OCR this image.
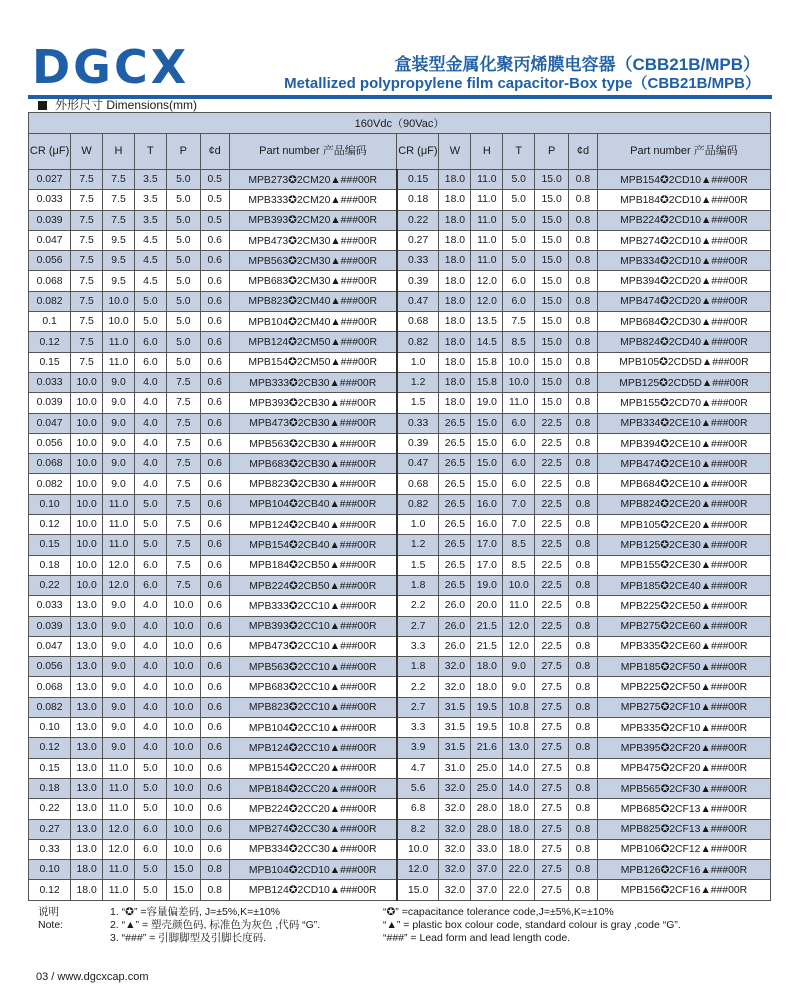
DGCX	盒装型金属化聚丙烯膜电容器（CBB21B/MPB）
Metallized polypropylene film capacitor-Box type（CBB21B/MPB）
外形尺寸 Dimensions(mm)
160Vdc（90Vac）													
CR (μF)	W	H	T	P	¢d	Part number 产品编码	CR (μF)	W	H	T	P	¢d	Part number 产品编码
0.027	7.5	7.5	3.5	5.0	0.5	MPB273✪2CM20▲###00R	0.15	18.0	11.0	5.0	15.0	0.8	MPB154✪2CD10▲###00R
0.033	7.5	7.5	3.5	5.0	0.5	MPB333✪2CM20▲###00R	0.18	18.0	11.0	5.0	15.0	0.8	MPB184✪2CD10▲###00R
0.039	7.5	7.5	3.5	5.0	0.5	MPB393✪2CM20▲###00R	0.22	18.0	11.0	5.0	15.0	0.8	MPB224✪2CD10▲###00R
0.047	7.5	9.5	4.5	5.0	0.6	MPB473✪2CM30▲###00R	0.27	18.0	11.0	5.0	15.0	0.8	MPB274✪2CD10▲###00R
0.056	7.5	9.5	4.5	5.0	0.6	MPB563✪2CM30▲###00R	0.33	18.0	11.0	5.0	15.0	0.8	MPB334✪2CD10▲###00R
0.068	7.5	9.5	4.5	5.0	0.6	MPB683✪2CM30▲###00R	0.39	18.0	12.0	6.0	15.0	0.8	MPB394✪2CD20▲###00R
0.082	7.5	10.0	5.0	5.0	0.6	MPB823✪2CM40▲###00R	0.47	18.0	12.0	6.0	15.0	0.8	MPB474✪2CD20▲###00R
0.1	7.5	10.0	5.0	5.0	0.6	MPB104✪2CM40▲###00R	0.68	18.0	13.5	7.5	15.0	0.8	MPB684✪2CD30▲###00R
0.12	7.5	11.0	6.0	5.0	0.6	MPB124✪2CM50▲###00R	0.82	18.0	14.5	8.5	15.0	0.8	MPB824✪2CD40▲###00R
0.15	7.5	11.0	6.0	5.0	0.6	MPB154✪2CM50▲###00R	1.0	18.0	15.8	10.0	15.0	0.8	MPB105✪2CD5D▲###00R
0.033	10.0	9.0	4.0	7.5	0.6	MPB333✪2CB30▲###00R	1.2	18.0	15.8	10.0	15.0	0.8	MPB125✪2CD5D▲###00R
0.039	10.0	9.0	4.0	7.5	0.6	MPB393✪2CB30▲###00R	1.5	18.0	19.0	11.0	15.0	0.8	MPB155✪2CD70▲###00R
0.047	10.0	9.0	4.0	7.5	0.6	MPB473✪2CB30▲###00R	0.33	26.5	15.0	6.0	22.5	0.8	MPB334✪2CE10▲###00R
0.056	10.0	9.0	4.0	7.5	0.6	MPB563✪2CB30▲###00R	0.39	26.5	15.0	6.0	22.5	0.8	MPB394✪2CE10▲###00R
0.068	10.0	9.0	4.0	7.5	0.6	MPB683✪2CB30▲###00R	0.47	26.5	15.0	6.0	22.5	0.8	MPB474✪2CE10▲###00R
0.082	10.0	9.0	4.0	7.5	0.6	MPB823✪2CB30▲###00R	0.68	26.5	15.0	6.0	22.5	0.8	MPB684✪2CE10▲###00R
0.10	10.0	11.0	5.0	7.5	0.6	MPB104✪2CB40▲###00R	0.82	26.5	16.0	7.0	22.5	0.8	MPB824✪2CE20▲###00R
0.12	10.0	11.0	5.0	7.5	0.6	MPB124✪2CB40▲###00R	1.0	26.5	16.0	7.0	22.5	0.8	MPB105✪2CE20▲###00R
0.15	10.0	11.0	5.0	7.5	0.6	MPB154✪2CB40▲###00R	1.2	26.5	17.0	8.5	22.5	0.8	MPB125✪2CE30▲###00R
0.18	10.0	12.0	6.0	7.5	0.6	MPB184✪2CB50▲###00R	1.5	26.5	17.0	8.5	22.5	0.8	MPB155✪2CE30▲###00R
0.22	10.0	12.0	6.0	7.5	0.6	MPB224✪2CB50▲###00R	1.8	26.5	19.0	10.0	22.5	0.8	MPB185✪2CE40▲###00R
0.033	13.0	9.0	4.0	10.0	0.6	MPB333✪2CC10▲###00R	2.2	26.0	20.0	11.0	22.5	0.8	MPB225✪2CE50▲###00R
0.039	13.0	9.0	4.0	10.0	0.6	MPB393✪2CC10▲###00R	2.7	26.0	21.5	12.0	22.5	0.8	MPB275✪2CE60▲###00R
0.047	13.0	9.0	4.0	10.0	0.6	MPB473✪2CC10▲###00R	3.3	26.0	21.5	12.0	22.5	0.8	MPB335✪2CE60▲###00R
0.056	13.0	9.0	4.0	10.0	0.6	MPB563✪2CC10▲###00R	1.8	32.0	18.0	9.0	27.5	0.8	MPB185✪2CF50▲###00R
0.068	13.0	9.0	4.0	10.0	0.6	MPB683✪2CC10▲###00R	2.2	32.0	18.0	9.0	27.5	0.8	MPB225✪2CF50▲###00R
0.082	13.0	9.0	4.0	10.0	0.6	MPB823✪2CC10▲###00R	2.7	31.5	19.5	10.8	27.5	0.8	MPB275✪2CF10▲###00R
0.10	13.0	9.0	4.0	10.0	0.6	MPB104✪2CC10▲###00R	3.3	31.5	19.5	10.8	27.5	0.8	MPB335✪2CF10▲###00R
0.12	13.0	9.0	4.0	10.0	0.6	MPB124✪2CC10▲###00R	3.9	31.5	21.6	13.0	27.5	0.8	MPB395✪2CF20▲###00R
0.15	13.0	11.0	5.0	10.0	0.6	MPB154✪2CC20▲###00R	4.7	31.0	25.0	14.0	27.5	0.8	MPB475✪2CF20▲###00R
0.18	13.0	11.0	5.0	10.0	0.6	MPB184✪2CC20▲###00R	5.6	32.0	25.0	14.0	27.5	0.8	MPB565✪2CF30▲###00R
0.22	13.0	11.0	5.0	10.0	0.6	MPB224✪2CC20▲###00R	6.8	32.0	28.0	18.0	27.5	0.8	MPB685✪2CF13▲###00R
0.27	13.0	12.0	6.0	10.0	0.6	MPB274✪2CC30▲###00R	8.2	32.0	28.0	18.0	27.5	0.8	MPB825✪2CF13▲###00R
0.33	13.0	12.0	6.0	10.0	0.6	MPB334✪2CC30▲###00R	10.0	32.0	33.0	18.0	27.5	0.8	MPB106✪2CF12▲###00R
0.10	18.0	11.0	5.0	15.0	0.8	MPB104✪2CD10▲###00R	12.0	32.0	37.0	22.0	27.5	0.8	MPB126✪2CF16▲###00R
0.12	18.0	11.0	5.0	15.0	0.8	MPB124✪2CD10▲###00R	15.0	32.0	37.0	22.0	27.5	0.8	MPB156✪2CF16▲###00R
说明Note:
1. “✪” =容量偏差码, J=±5%,K=±10%
2. “▲” = 塑壳颜色码, 标准色为灰色 ,代码 “G”.
3. “###” = 引脚脚型及引脚长度码.
“✪” =capacitance tolerance code,J=±5%,K=±10%
“▲” = plastic box colour code, standard colour is gray ,code “G”.
“###” = Lead form and lead length code.
03 / www.dgcxcap.com
